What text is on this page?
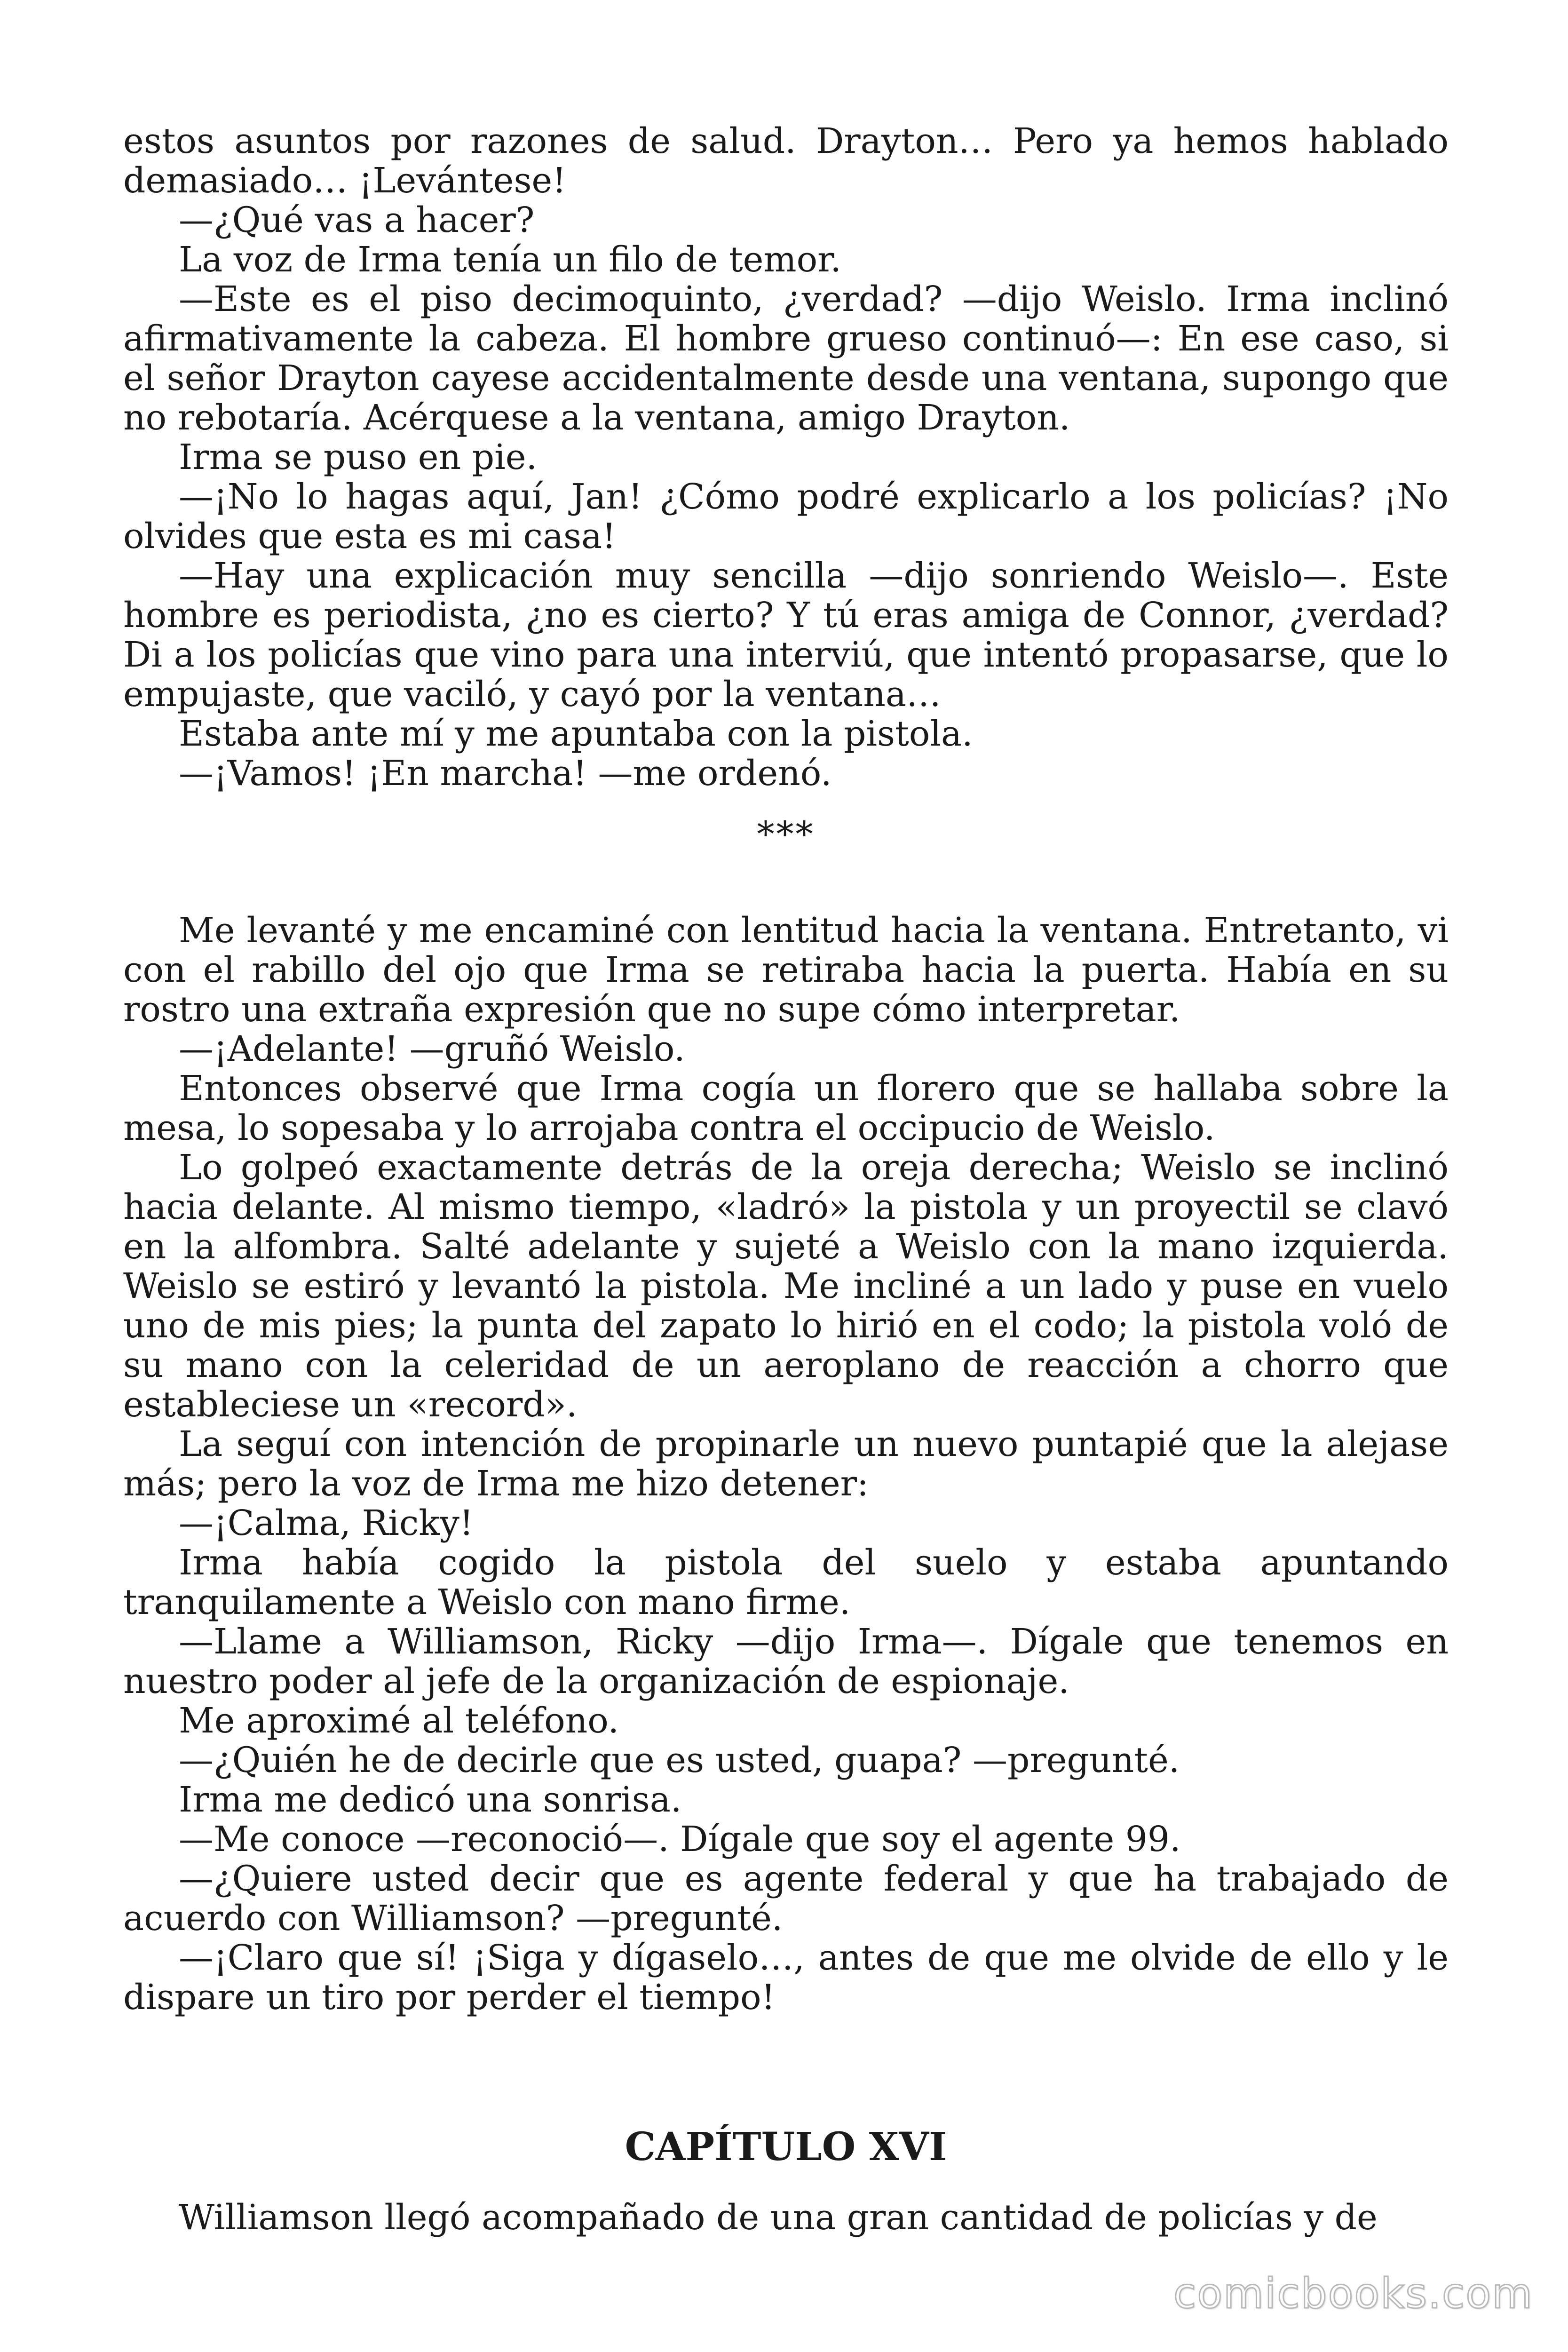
estos asuntos por razones de salud. Drayton… Pero ya hemos hablado demasiado… ¡Levántese!

—¿Qué vas a hacer?

La voz de Irma tenía un filo de temor.

—Este es el piso decimoquinto, ¿verdad? —dijo Weislo. Irma inclinó afirmativamente la cabeza. El hombre grueso continuó—: En ese caso, si el señor Drayton cayese accidentalmente desde una ventana, supongo que no rebotaría. Acérquese a la ventana, amigo Drayton.

Irma se puso en pie.

—¡No lo hagas aquí, Jan! ¿Cómo podré explicarlo a los policías? ¡No olvides que esta es mi casa!

—Hay una explicación muy sencilla —dijo sonriendo Weislo—. Este hombre es periodista, ¿no es cierto? Y tú eras amiga de Connor, ¿verdad? Di a los policías que vino para una interviú, que intentó propasarse, que lo empujaste, que vaciló, y cayó por la ventana…

Estaba ante mí y me apuntaba con la pistola.

—¡Vamos! ¡En marcha! —me ordenó.

***

Me levanté y me encaminé con lentitud hacia la ventana. Entretanto, vi con el rabillo del ojo que Irma se retiraba hacia la puerta. Había en su rostro una extraña expresión que no supe cómo interpretar.

—¡Adelante! —gruñó Weislo.

Entonces observé que Irma cogía un florero que se hallaba sobre la mesa, lo sopesaba y lo arrojaba contra el occipucio de Weislo.

Lo golpeó exactamente detrás de la oreja derecha; Weislo se inclinó hacia delante. Al mismo tiempo, «ladró» la pistola y un proyectil se clavó en la alfombra. Salté adelante y sujeté a Weislo con la mano izquierda. Weislo se estiró y levantó la pistola. Me incliné a un lado y puse en vuelo uno de mis pies; la punta del zapato lo hirió en el codo; la pistola voló de su mano con la celeridad de un aeroplano de reacción a chorro que estableciese un «record».

La seguí con intención de propinarle un nuevo puntapié que la alejase más; pero la voz de Irma me hizo detener:

—¡Calma, Ricky!

Irma había cogido la pistola del suelo y estaba apuntando tranquilamente a Weislo con mano firme.

—Llame a Williamson, Ricky —dijo Irma—. Dígale que tenemos en nuestro poder al jefe de la organización de espionaje.

Me aproximé al teléfono.

—¿Quién he de decirle que es usted, guapa? —pregunté.

Irma me dedicó una sonrisa.

—Me conoce —reconoció—. Dígale que soy el agente 99.

—¿Quiere usted decir que es agente federal y que ha trabajado de acuerdo con Williamson? —pregunté.

—¡Claro que sí! ¡Siga y dígaselo…, antes de que me olvide de ello y le dispare un tiro por perder el tiempo!

CAPÍTULO XVI

Williamson llegó acompañado de una gran cantidad de policías y de

comicbooks.com
